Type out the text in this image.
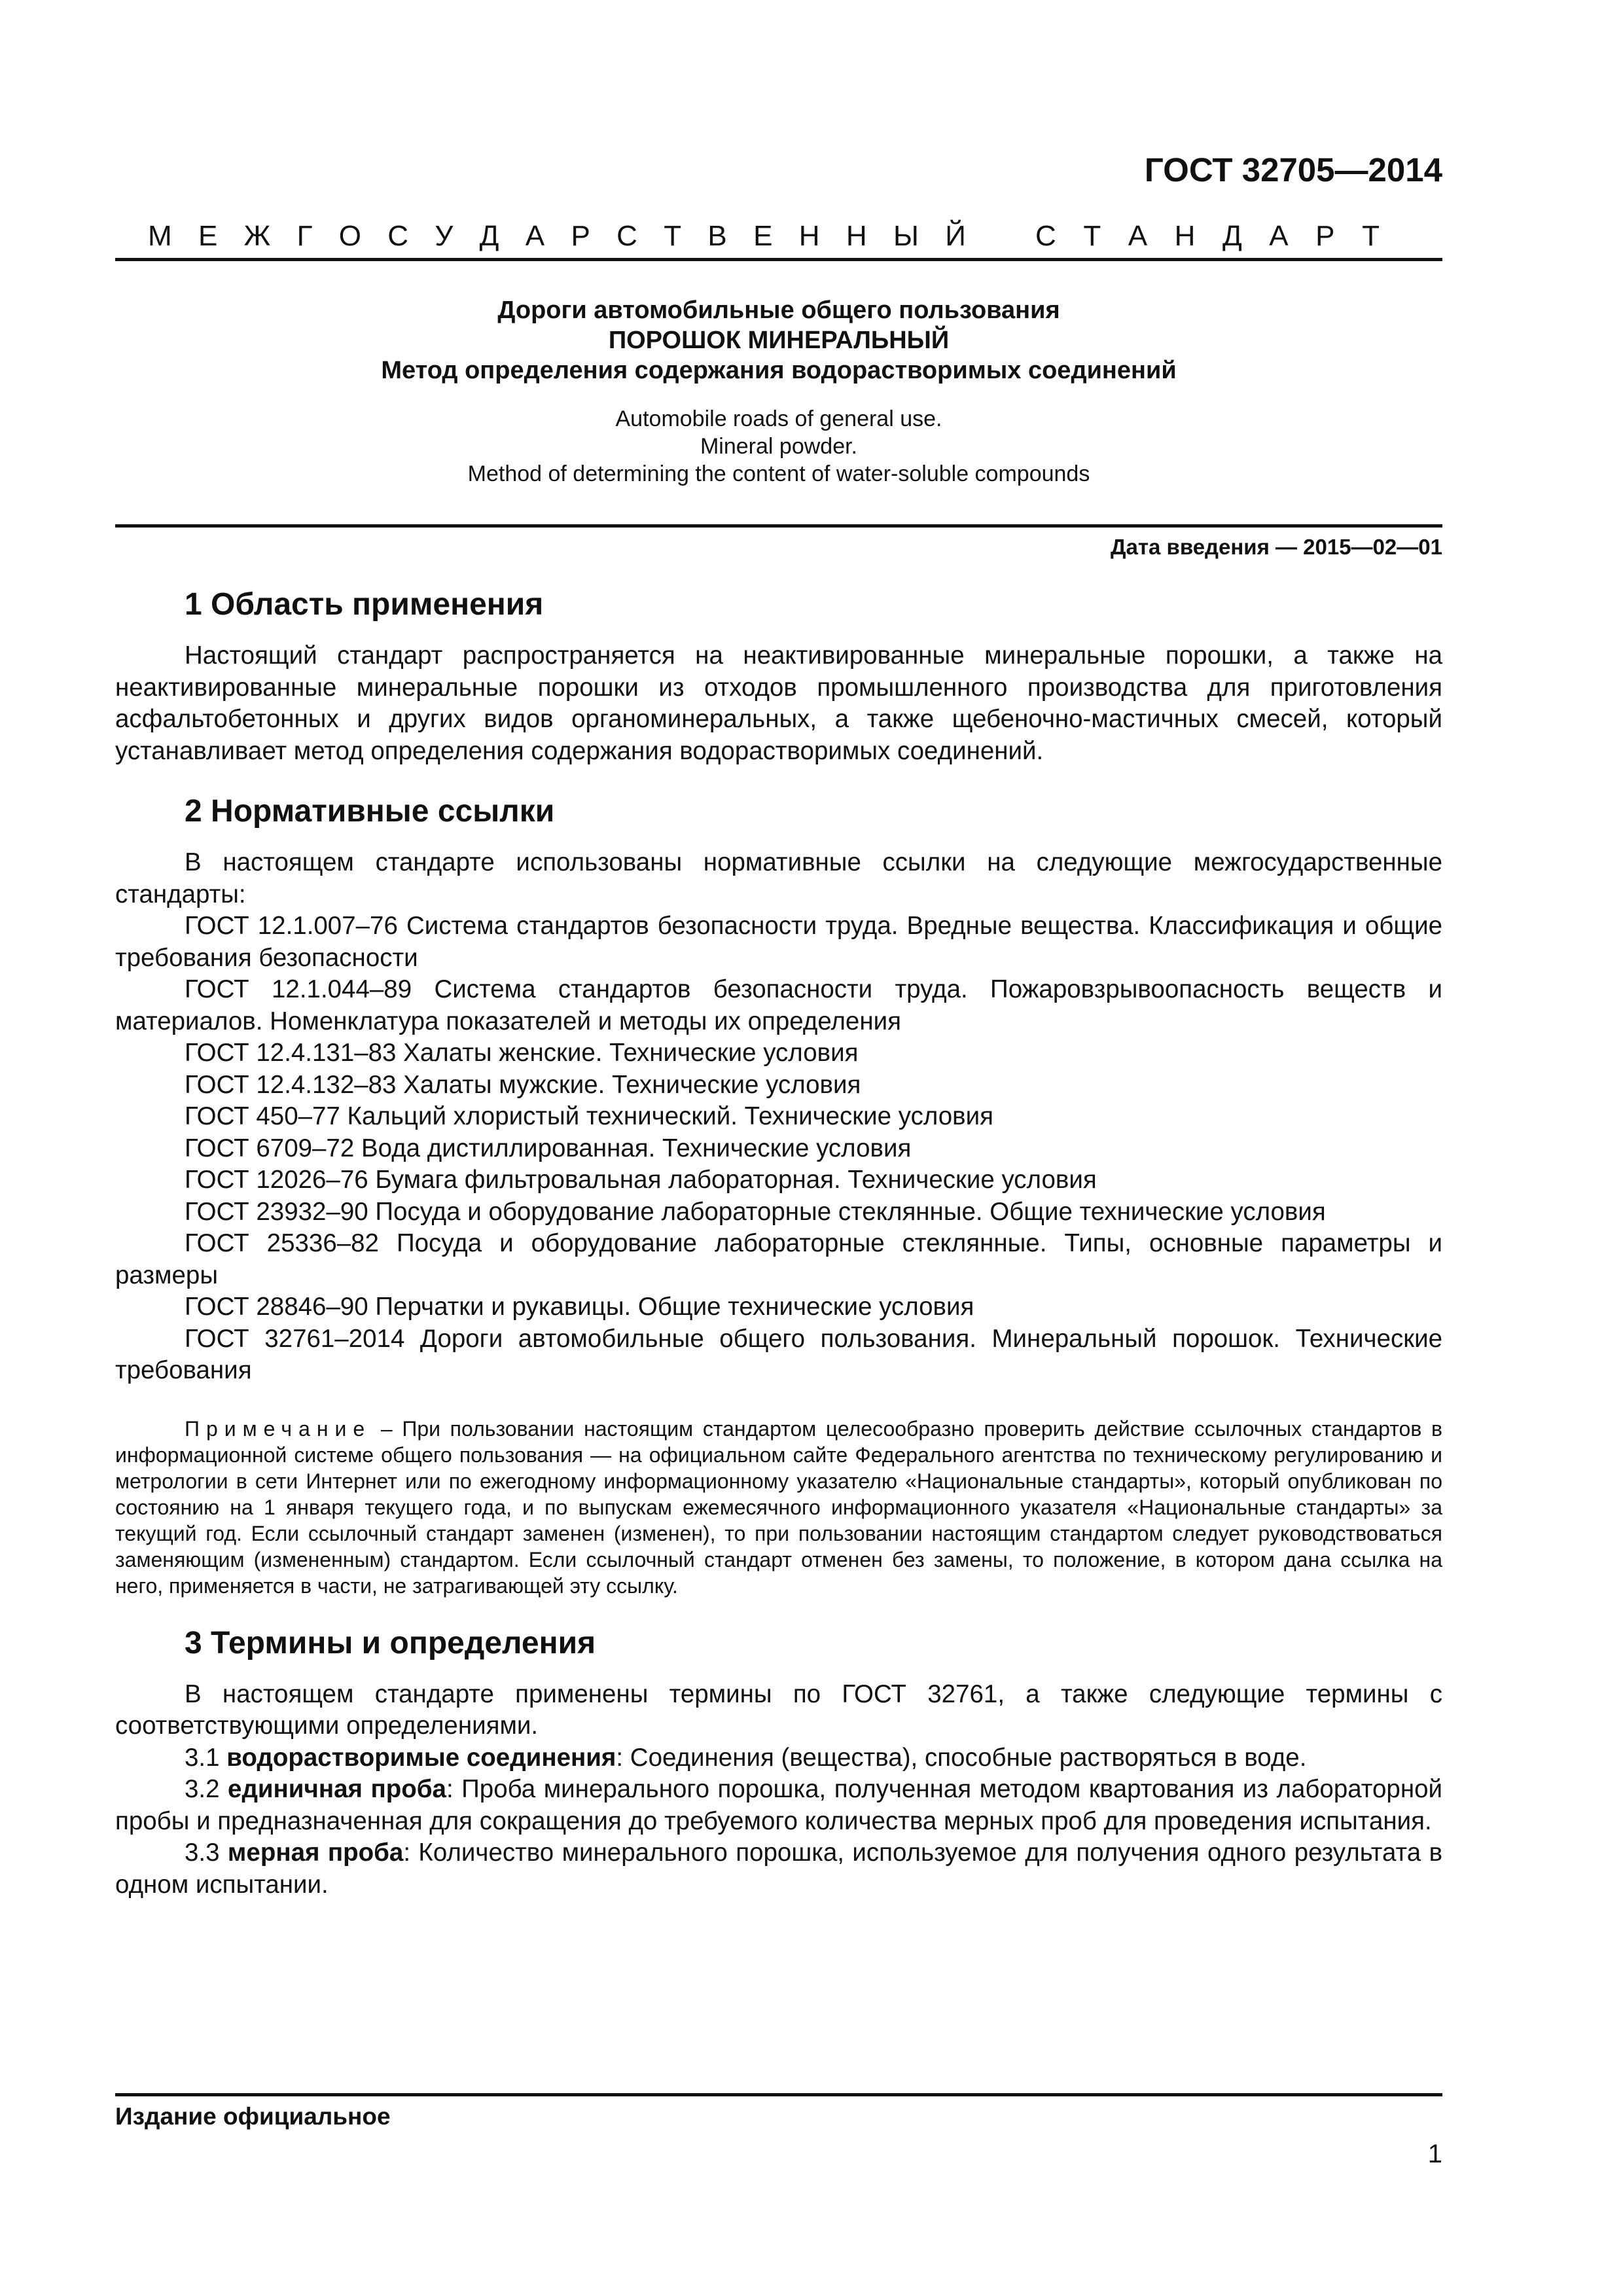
ГОСТ 32705—2014
М Е Ж Г О С У Д А Р С Т В Е Н Н Ы Й С Т А Н Д А Р Т
Дороги автомобильные общего пользования
ПОРОШОК МИНЕРАЛЬНЫЙ
Метод определения содержания водорастворимых соединений
Automobile roads of general use.
Mineral powder.
Method of determining the content of water-soluble compounds
Дата введения — 2015—02—01
1 Область применения

Настоящий стандарт распространяется на неактивированные минеральные порошки, а также на неактивированные минеральные порошки из отходов промышленного производства для приготовления асфальтобетонных и других видов органоминеральных, а также щебеночно-мастичных смесей, который устанавливает метод определения содержания водорастворимых соединений.

2 Нормативные ссылки

В настоящем стандарте использованы нормативные ссылки на следующие межгосударственные стандарты:

ГОСТ 12.1.007–76 Система стандартов безопасности труда. Вредные вещества. Классификация и общие требования безопасности

ГОСТ 12.1.044–89 Система стандартов безопасности труда. Пожаровзрывоопасность веществ и материалов. Номенклатура показателей и методы их определения

ГОСТ 12.4.131–83 Халаты женские. Технические условия

ГОСТ 12.4.132–83 Халаты мужские. Технические условия

ГОСТ 450–77 Кальций хлористый технический. Технические условия

ГОСТ 6709–72 Вода дистиллированная. Технические условия

ГОСТ 12026–76 Бумага фильтровальная лабораторная. Технические условия

ГОСТ 23932–90 Посуда и оборудование лабораторные стеклянные. Общие технические условия

ГОСТ 25336–82 Посуда и оборудование лабораторные стеклянные. Типы, основные параметры и размеры

ГОСТ 28846–90 Перчатки и рукавицы. Общие технические условия

ГОСТ 32761–2014 Дороги автомобильные общего пользования. Минеральный порошок. Технические требования

Примечание – При пользовании настоящим стандартом целесообразно проверить действие ссылочных стандартов в информационной системе общего пользования — на официальном сайте Федерального агентства по техническому регулированию и метрологии в сети Интернет или по ежегодному информационному указателю «Национальные стандарты», который опубликован по состоянию на 1 января текущего года, и по выпускам ежемесячного информационного указателя «Национальные стандарты» за текущий год. Если ссылочный стандарт заменен (изменен), то при пользовании настоящим стандартом следует руководствоваться заменяющим (измененным) стандартом. Если ссылочный стандарт отменен без замены, то положение, в котором дана ссылка на него, применяется в части, не затрагивающей эту ссылку.
3 Термины и определения

В настоящем стандарте применены термины по ГОСТ 32761, а также следующие термины с соответствующими определениями.

3.1 водорастворимые соединения: Соединения (вещества), способные растворяться в воде.

3.2 единичная проба: Проба минерального порошка, полученная методом квартования из лабораторной пробы и предназначенная для сокращения до требуемого количества мерных проб для проведения испытания.

3.3 мерная проба: Количество минерального порошка, используемое для получения одного результата в одном испытании.

Издание официальное
1
